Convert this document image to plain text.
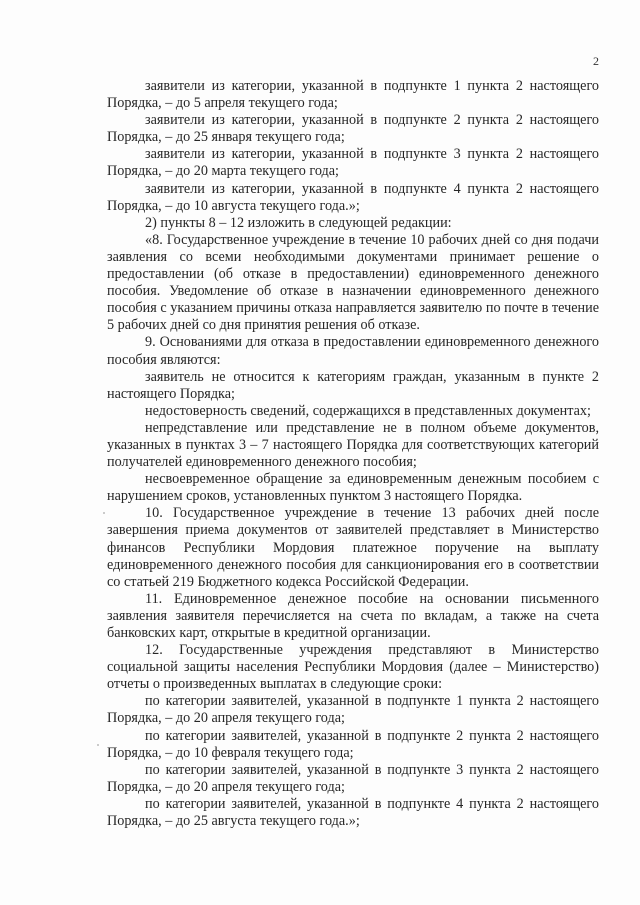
2

заявители из категории, указанной в подпункте 1 пункта 2 настоящего Порядка, – до 5 апреля текущего года;

заявители из категории, указанной в подпункте 2 пункта 2 настоящего Порядка, – до 25 января текущего года;

заявители из категории, указанной в подпункте 3 пункта 2 настоящего Порядка, – до 20 марта текущего года;

заявители из категории, указанной в подпункте 4 пункта 2 настоящего Порядка, – до 10 августа текущего года.»;

2) пункты 8 – 12 изложить в следующей редакции:

«8. Государственное учреждение в течение 10 рабочих дней со дня подачи заявления со всеми необходимыми документами принимает решение о предоставлении (об отказе в предоставлении) единовременного денежного пособия. Уведомление об отказе в назначении единовременного денежного пособия с указанием причины отказа направляется заявителю по почте в течение 5 рабочих дней со дня принятия решения об отказе.

9. Основаниями для отказа в предоставлении единовременного денежного пособия являются:

заявитель не относится к категориям граждан, указанным в пункте 2 настоящего Порядка;

недостоверность сведений, содержащихся в представленных документах;

непредставление или представление не в полном объеме документов, указанных в пунктах 3 – 7 настоящего Порядка для соответствующих категорий получателей единовременного денежного пособия;

несвоевременное обращение за единовременным денежным пособием с нарушением сроков, установленных пунктом 3 настоящего Порядка.

10. Государственное учреждение в течение 13 рабочих дней после завершения приема документов от заявителей представляет в Министерство финансов Республики Мордовия платежное поручение на выплату единовременного денежного пособия для санкционирования его в соответствии со статьей 219 Бюджетного кодекса Российской Федерации.

11. Единовременное денежное пособие на основании письменного заявления заявителя перечисляется на счета по вкладам, а также на счета банковских карт, открытые в кредитной организации.

12. Государственные учреждения представляют в Министерство социальной защиты населения Республики Мордовия (далее – Министерство) отчеты о произведенных выплатах в следующие сроки:

по категории заявителей, указанной в подпункте 1 пункта 2 настоящего Порядка, – до 20 апреля текущего года;

по категории заявителей, указанной в подпункте 2 пункта 2 настоящего Порядка, – до 10 февраля текущего года;

по категории заявителей, указанной в подпункте 3 пункта 2 настоящего Порядка, – до 20 апреля текущего года;

по категории заявителей, указанной в подпункте 4 пункта 2 настоящего Порядка, – до 25 августа текущего года.»;
